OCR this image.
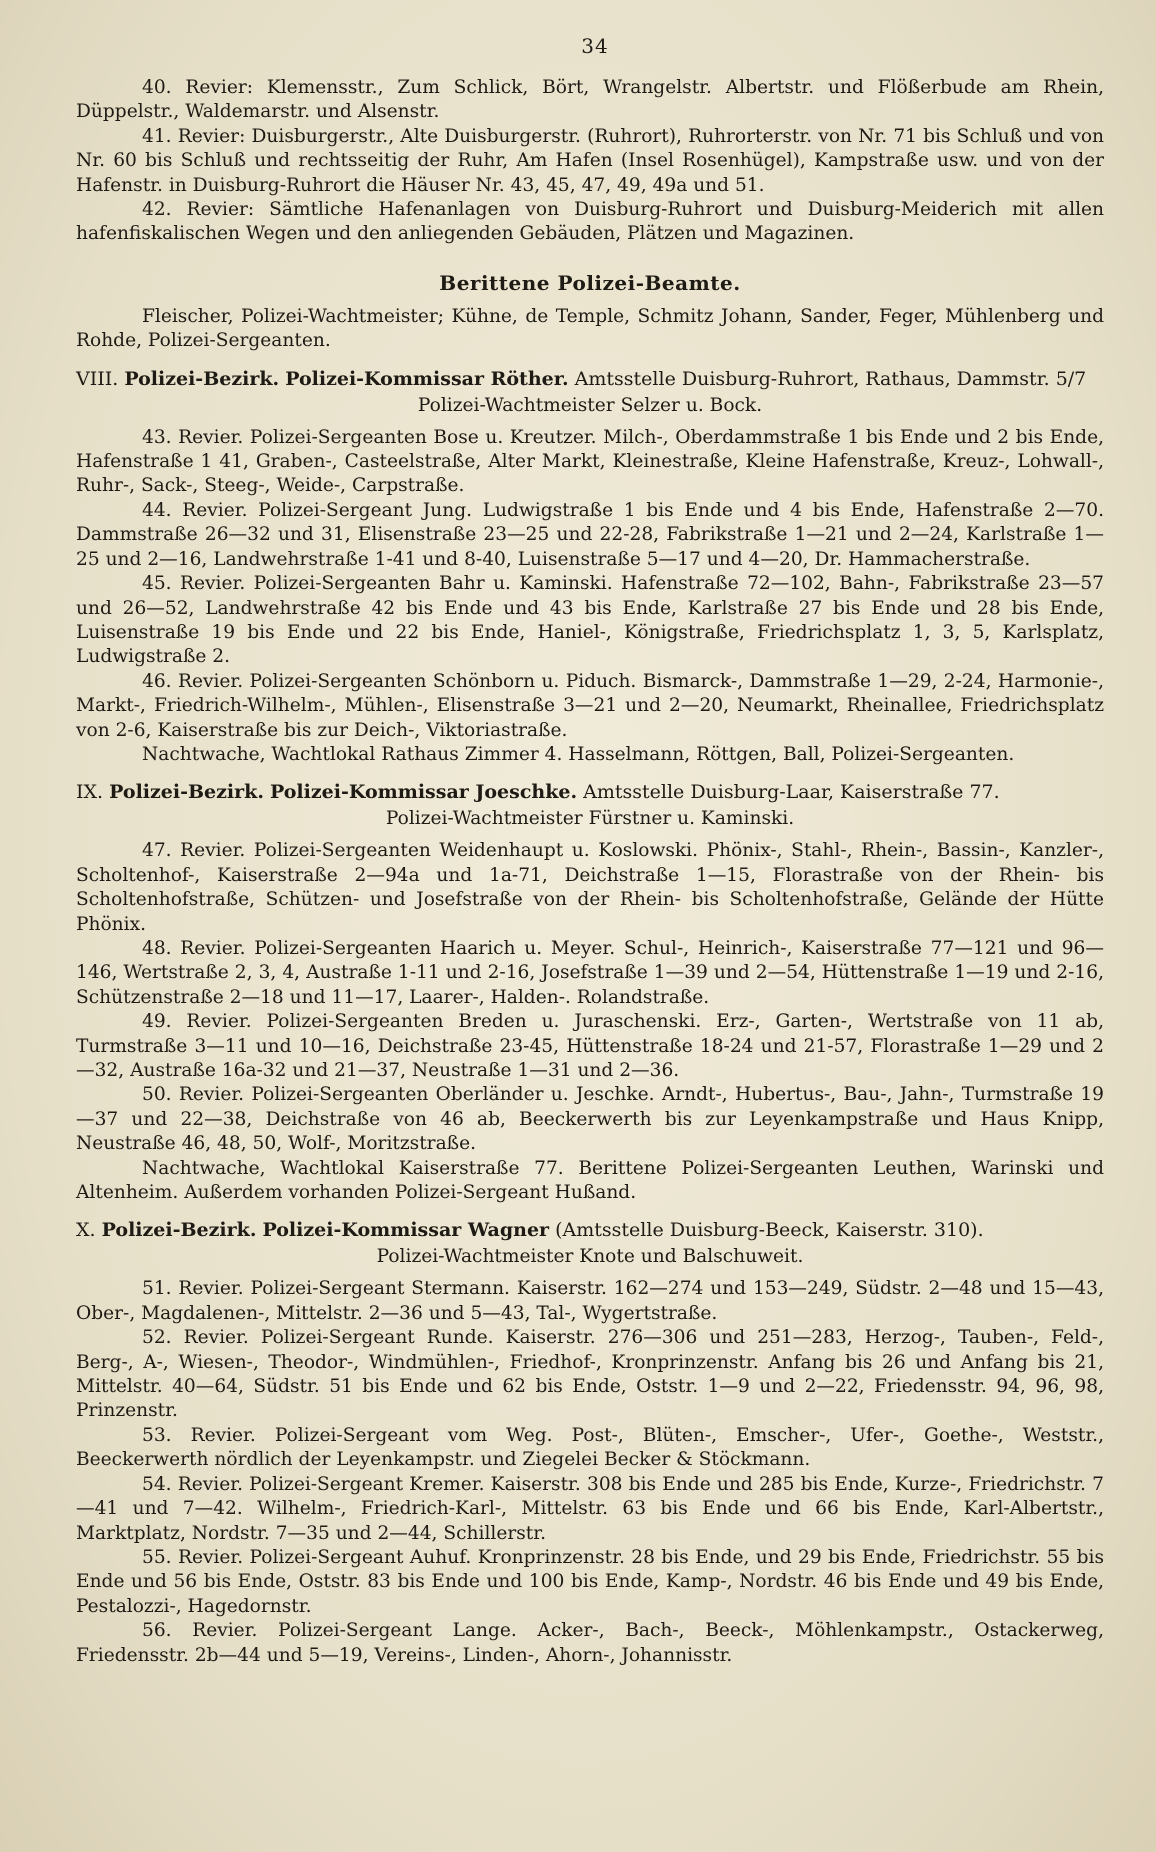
34

40. Revier: Klemensstr., Zum Schlick, Bört, Wrangelstr. Albertstr. und Flößerbude am Rhein, Düppelstr., Waldemarstr. und Alsenstr.

41. Revier: Duisburgerstr., Alte Duisburgerstr. (Ruhrort), Ruhrorterstr. von Nr. 71 bis Schluß und von Nr. 60 bis Schluß und rechtsseitig der Ruhr, Am Hafen (Insel Rosenhügel), Kampstraße usw. und von der Hafenstr. in Duisburg-Ruhrort die Häuser Nr. 43, 45, 47, 49, 49a und 51.

42. Revier: Sämtliche Hafenanlagen von Duisburg-Ruhrort und Duisburg-Meiderich mit allen hafenfiskalischen Wegen und den anliegenden Gebäuden, Plätzen und Magazinen.

Berittene Polizei-Beamte.

Fleischer, Polizei-Wachtmeister; Kühne, de Temple, Schmitz Johann, Sander, Feger, Mühlenberg und Rohde, Polizei-Sergeanten.

VIII. Polizei-Bezirk. Polizei-Kommissar Röther. Amtsstelle Duisburg-Ruhrort, Rathaus, Dammstr. 5/7
Polizei-Wachtmeister Selzer u. Bock.

43. Revier. Polizei-Sergeanten Bose u. Kreutzer. Milch-, Oberdammstraße 1 bis Ende und 2 bis Ende, Hafenstraße 1 41, Graben-, Casteelstraße, Alter Markt, Kleinestraße, Kleine Hafenstraße, Kreuz-, Lohwall-, Ruhr-, Sack-, Steeg-, Weide-, Carpstraße.

44. Revier. Polizei-Sergeant Jung. Ludwigstraße 1 bis Ende und 4 bis Ende, Hafenstraße 2—70. Dammstraße 26—32 und 31, Elisenstraße 23—25 und 22-28, Fabrikstraße 1—21 und 2—24, Karlstraße 1—25 und 2—16, Landwehrstraße 1-41 und 8-40, Luisenstraße 5—17 und 4—20, Dr. Hammacherstraße.

45. Revier. Polizei-Sergeanten Bahr u. Kaminski. Hafenstraße 72—102, Bahn-, Fabrikstraße 23—57 und 26—52, Landwehrstraße 42 bis Ende und 43 bis Ende, Karlstraße 27 bis Ende und 28 bis Ende, Luisenstraße 19 bis Ende und 22 bis Ende, Haniel-, Königstraße, Friedrichsplatz 1, 3, 5, Karlsplatz, Ludwigstraße 2.

46. Revier. Polizei-Sergeanten Schönborn u. Piduch. Bismarck-, Dammstraße 1—29, 2-24, Harmonie-, Markt-, Friedrich-Wilhelm-, Mühlen-, Elisenstraße 3—21 und 2—20, Neumarkt, Rheinallee, Friedrichsplatz von 2-6, Kaiserstraße bis zur Deich-, Viktoriastraße.

Nachtwache, Wachtlokal Rathaus Zimmer 4. Hasselmann, Röttgen, Ball, Polizei-Sergeanten.

IX. Polizei-Bezirk. Polizei-Kommissar Joeschke. Amtsstelle Duisburg-Laar, Kaiserstraße 77.
Polizei-Wachtmeister Fürstner u. Kaminski.

47. Revier. Polizei-Sergeanten Weidenhaupt u. Koslowski. Phönix-, Stahl-, Rhein-, Bassin-, Kanzler-, Scholtenhof-, Kaiserstraße 2—94a und 1a-71, Deichstraße 1—15, Florastraße von der Rhein- bis Scholtenhofstraße, Schützen- und Josefstraße von der Rhein- bis Scholtenhofstraße, Gelände der Hütte Phönix.

48. Revier. Polizei-Sergeanten Haarich u. Meyer. Schul-, Heinrich-, Kaiserstraße 77—121 und 96—146, Wertstraße 2, 3, 4, Austraße 1-11 und 2-16, Josefstraße 1—39 und 2—54, Hüttenstraße 1—19 und 2-16, Schützenstraße 2—18 und 11—17, Laarer-, Halden-. Rolandstraße.

49. Revier. Polizei-Sergeanten Breden u. Juraschenski. Erz-, Garten-, Wertstraße von 11 ab, Turmstraße 3—11 und 10—16, Deichstraße 23-45, Hüttenstraße 18-24 und 21-57, Florastraße 1—29 und 2—32, Austraße 16a-32 und 21—37, Neustraße 1—31 und 2—36.

50. Revier. Polizei-Sergeanten Oberländer u. Jeschke. Arndt-, Hubertus-, Bau-, Jahn-, Turmstraße 19—37 und 22—38, Deichstraße von 46 ab, Beeckerwerth bis zur Leyenkampstraße und Haus Knipp, Neustraße 46, 48, 50, Wolf-, Moritzstraße.

Nachtwache, Wachtlokal Kaiserstraße 77. Berittene Polizei-Sergeanten Leuthen, Warinski und Altenheim. Außerdem vorhanden Polizei-Sergeant Hußand.

X. Polizei-Bezirk. Polizei-Kommissar Wagner (Amtsstelle Duisburg-Beeck, Kaiserstr. 310).
Polizei-Wachtmeister Knote und Balschuweit.

51. Revier. Polizei-Sergeant Stermann. Kaiserstr. 162—274 und 153—249, Südstr. 2—48 und 15—43, Ober-, Magdalenen-, Mittelstr. 2—36 und 5—43, Tal-, Wygertstraße.

52. Revier. Polizei-Sergeant Runde. Kaiserstr. 276—306 und 251—283, Herzog-, Tauben-, Feld-, Berg-, A-, Wiesen-, Theodor-, Windmühlen-, Friedhof-, Kronprinzenstr. Anfang bis 26 und Anfang bis 21, Mittelstr. 40—64, Südstr. 51 bis Ende und 62 bis Ende, Oststr. 1—9 und 2—22, Friedensstr. 94, 96, 98, Prinzenstr.

53. Revier. Polizei-Sergeant vom Weg. Post-, Blüten-, Emscher-, Ufer-, Goethe-, Weststr., Beeckerwerth nördlich der Leyenkampstr. und Ziegelei Becker & Stöckmann.

54. Revier. Polizei-Sergeant Kremer. Kaiserstr. 308 bis Ende und 285 bis Ende, Kurze-, Friedrichstr. 7—41 und 7—42. Wilhelm-, Friedrich-Karl-, Mittelstr. 63 bis Ende und 66 bis Ende, Karl-Albertstr., Marktplatz, Nordstr. 7—35 und 2—44, Schillerstr.

55. Revier. Polizei-Sergeant Auhuf. Kronprinzenstr. 28 bis Ende, und 29 bis Ende, Friedrichstr. 55 bis Ende und 56 bis Ende, Oststr. 83 bis Ende und 100 bis Ende, Kamp-, Nordstr. 46 bis Ende und 49 bis Ende, Pestalozzi-, Hagedornstr.

56. Revier. Polizei-Sergeant Lange. Acker-, Bach-, Beeck-, Möhlenkampstr., Ostackerweg, Friedensstr. 2b—44 und 5—19, Vereins-, Linden-, Ahorn-, Johannisstr.
